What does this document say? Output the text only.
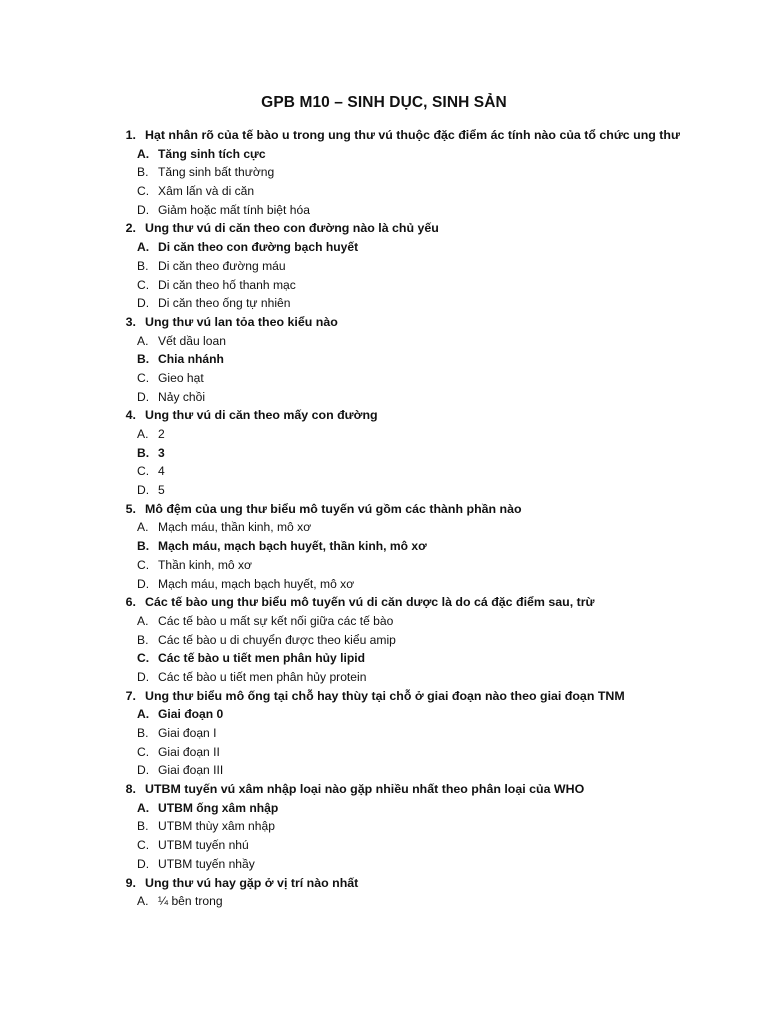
GPB M10 – SINH DỤC, SINH SẢN
1. Hạt nhân rõ của tế bào u trong ung thư vú thuộc đặc điểm ác tính nào của tổ chức ung thư
A. Tăng sinh tích cực
B. Tăng sinh bất thường
C. Xâm lấn và di căn
D. Giảm hoặc mất tính biệt hóa
2. Ung thư vú di căn theo con đường nào là chủ yếu
A. Di căn theo con đường bạch huyết
B. Di căn theo đường máu
C. Di căn theo hố thanh mạc
D. Di căn theo ống tự nhiên
3. Ung thư vú lan tỏa theo kiểu nào
A. Vết dầu loan
B. Chia nhánh
C. Gieo hạt
D. Nảy chồi
4. Ung thư vú di căn theo mấy con đường
A. 2
B. 3
C. 4
D. 5
5. Mô đệm của ung thư biểu mô tuyến vú gồm các thành phần nào
A. Mạch máu, thần kinh, mô xơ
B. Mạch máu, mạch bạch huyết, thần kinh, mô xơ
C. Thần kinh, mô xơ
D. Mạch máu, mạch bạch huyết, mô xơ
6. Các tế bào ung thư biểu mô tuyến vú di căn dược là do cá đặc điểm sau, trừ
A. Các tế bào u mất sự kết nối giữa các tế bào
B. Các tế bào u di chuyển được theo kiểu amip
C. Các tế bào u tiết men phân hủy lipid
D. Các tế bào u tiết men phân hủy protein
7. Ung thư biểu mô ống tại chỗ hay thùy tại chỗ ở giai đoạn nào theo giai đoạn TNM
A. Giai đoạn 0
B. Giai đoạn I
C. Giai đoạn II
D. Giai đoạn III
8. UTBM tuyến vú xâm nhập loại nào gặp nhiều nhất theo phân loại của WHO
A. UTBM ống xâm nhập
B. UTBM thùy xâm nhập
C. UTBM tuyến nhú
D. UTBM tuyến nhầy
9. Ung thư vú hay gặp ở vị trí nào nhất
A. ¼ bên trong
